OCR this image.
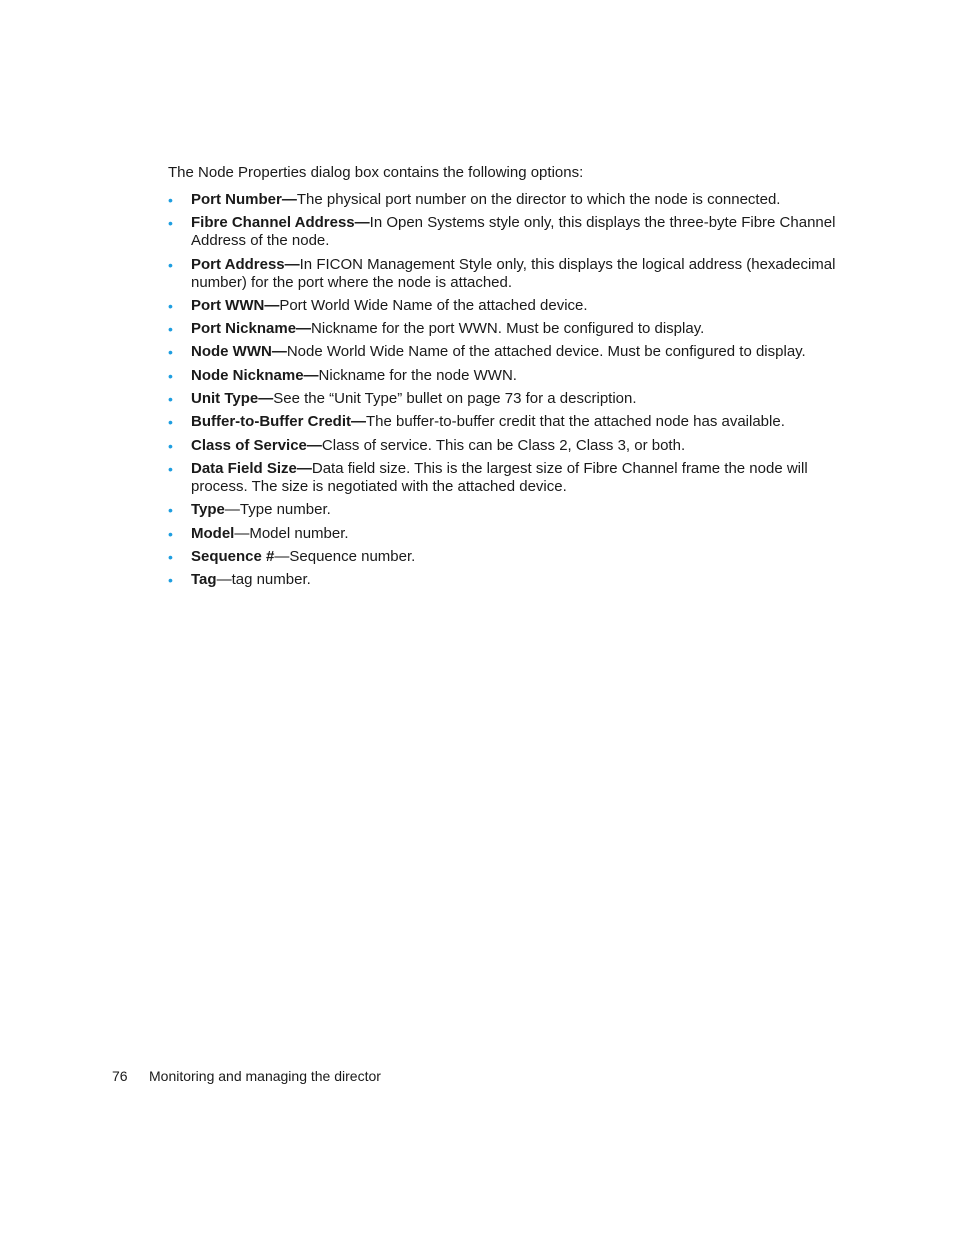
The Node Properties dialog box contains the following options:

• Port Number—The physical port number on the director to which the node is connected.
• Fibre Channel Address—In Open Systems style only, this displays the three-byte Fibre Channel Address of the node.
• Port Address—In FICON Management Style only, this displays the logical address (hexadecimal number) for the port where the node is attached.
• Port WWN—Port World Wide Name of the attached device.
• Port Nickname—Nickname for the port WWN. Must be configured to display.
• Node WWN—Node World Wide Name of the attached device. Must be configured to display.
• Node Nickname—Nickname for the node WWN.
• Unit Type—See the “Unit Type” bullet on page 73 for a description.
• Buffer-to-Buffer Credit—The buffer-to-buffer credit that the attached node has available.
• Class of Service—Class of service. This can be Class 2, Class 3, or both.
• Data Field Size—Data field size. This is the largest size of Fibre Channel frame the node will process. The size is negotiated with the attached device.
• Type—Type number.
• Model—Model number.
• Sequence #—Sequence number.
• Tag—tag number.
76 Monitoring and managing the director
